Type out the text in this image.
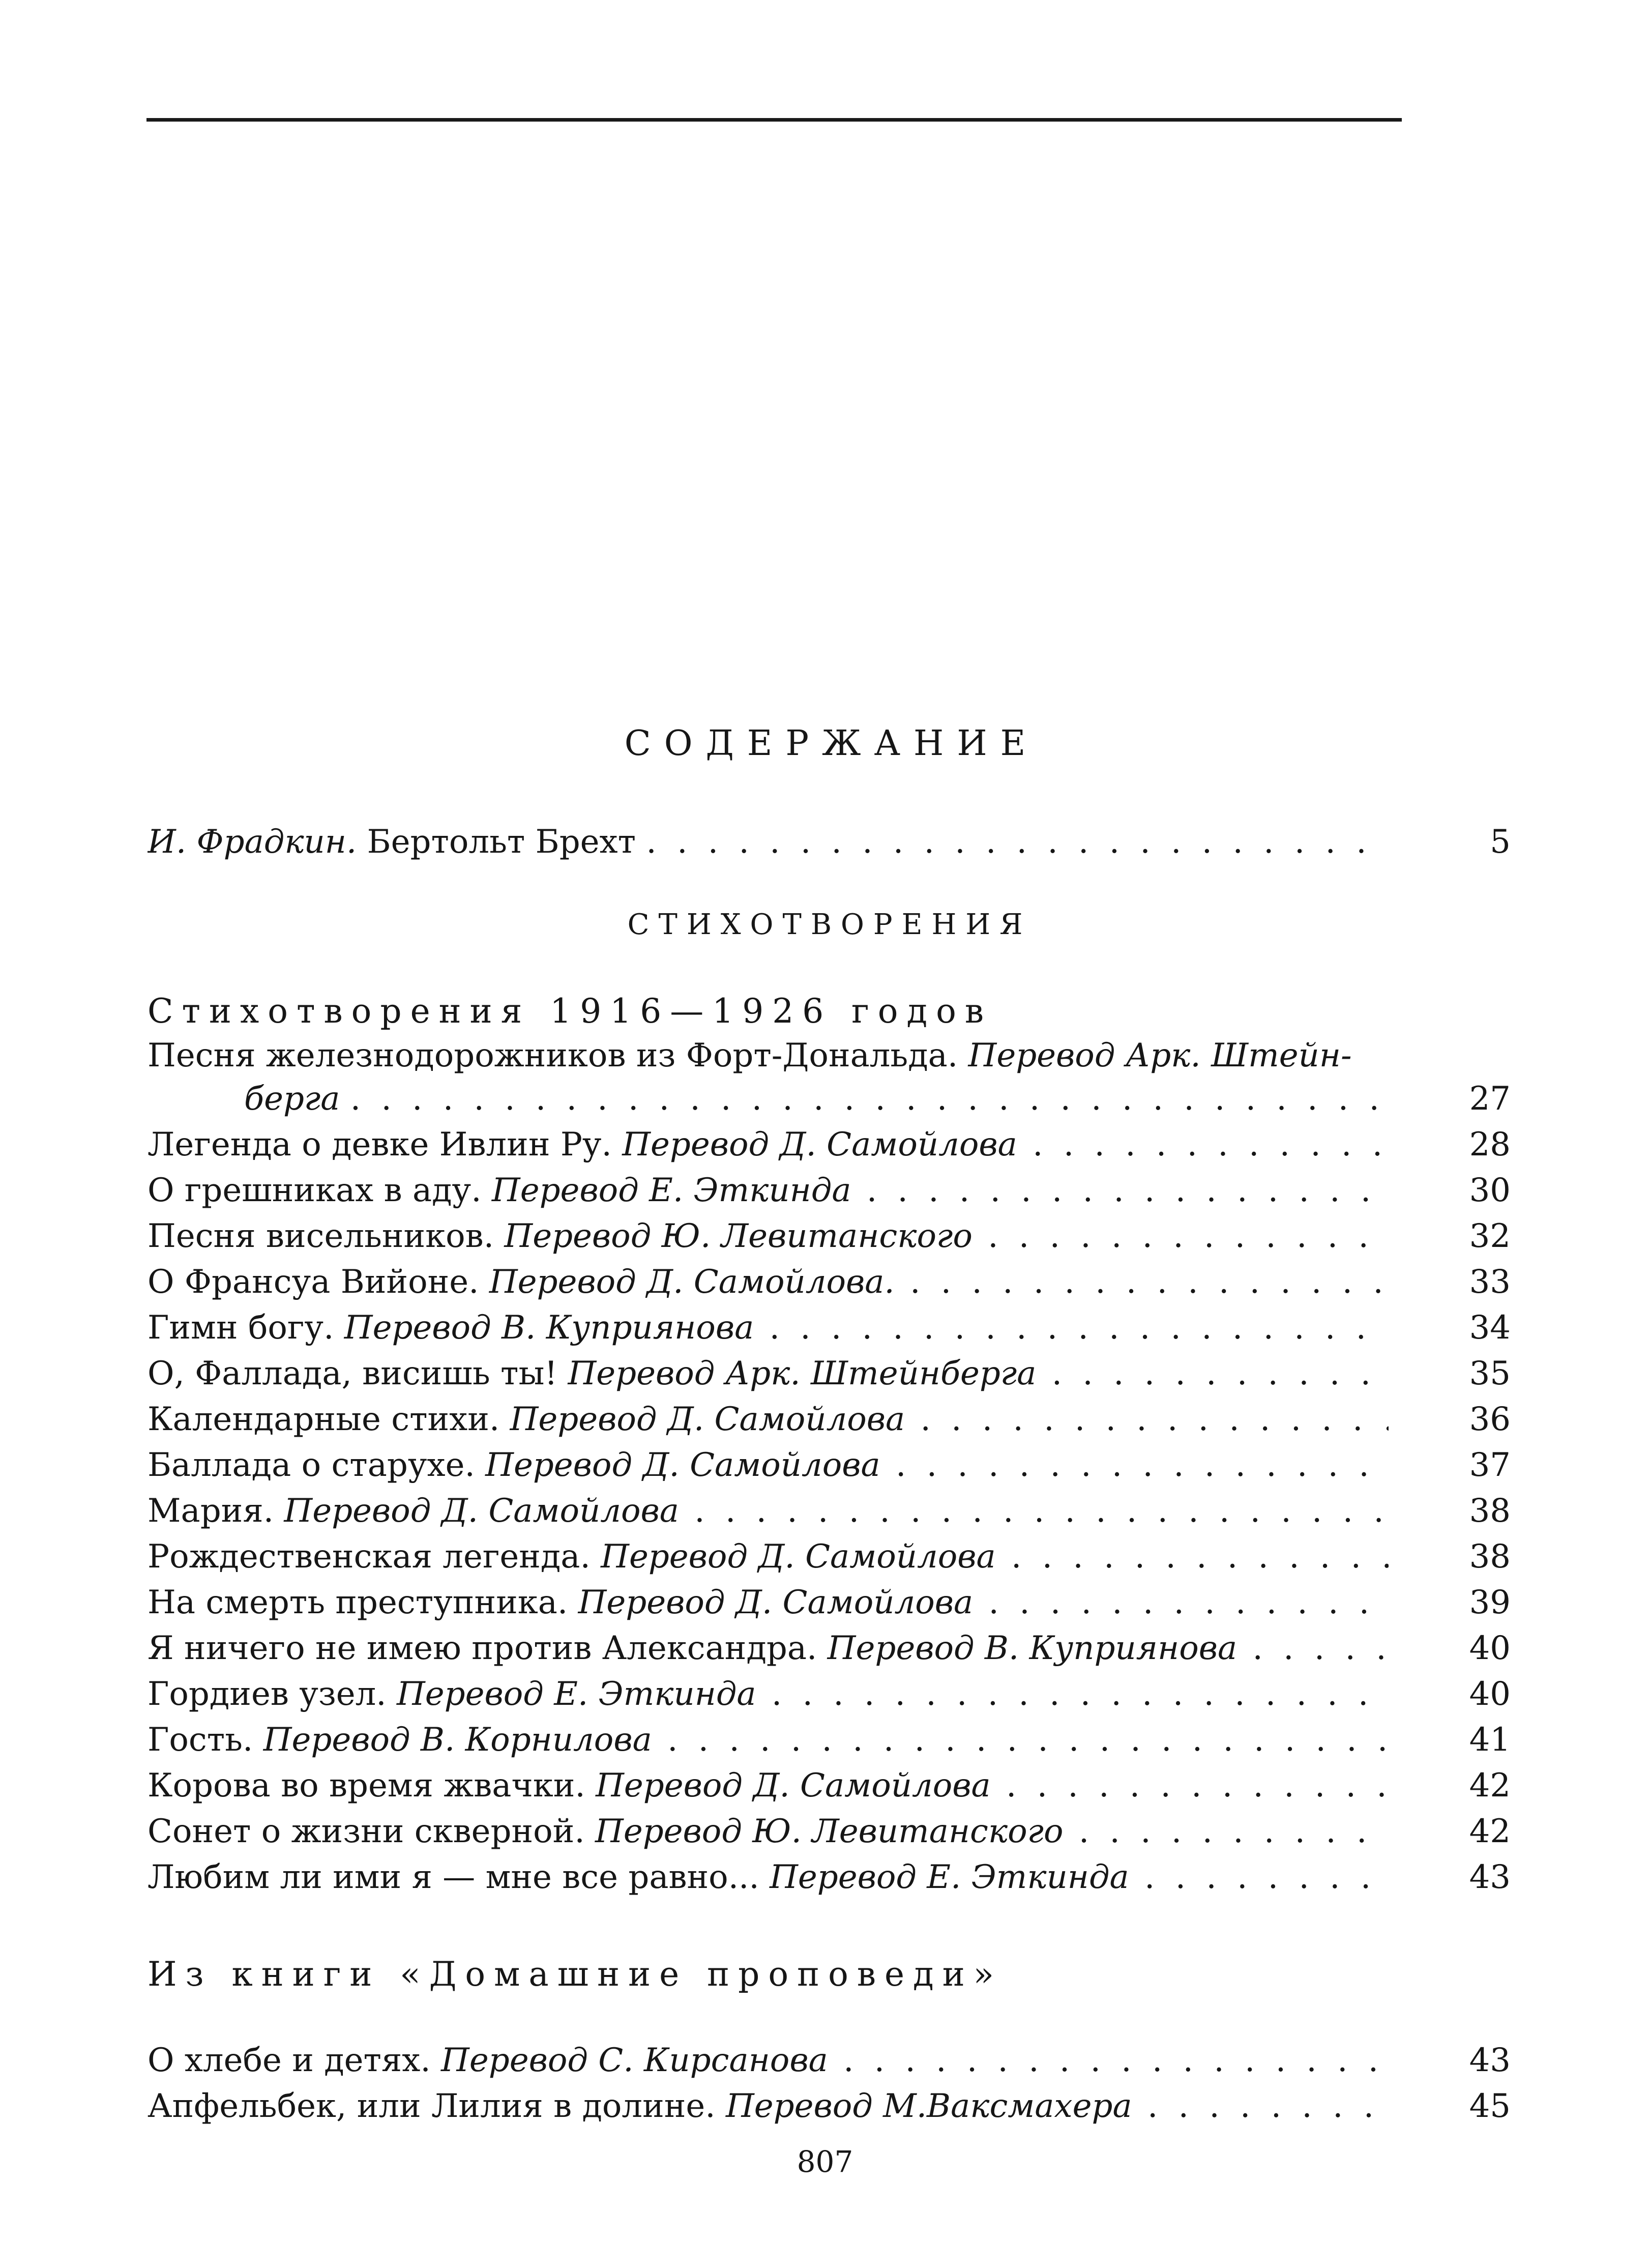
СОДЕРЖАНИЕ
И. Фрадкин. Бертольт Брехт . . .	5
СТИХОТВОРЕНИЯ
Стихотворения 1916—1926 годов
Песня железнодорожников из Форт-Дональда. Перевод Арк. Штейн-
берга . . .	27
Легенда о девке Ивлин Ру. Перевод Д. Самойлова . . .	28
О грешниках в аду. Перевод Е. Эткинда . . .	30
Песня висельников. Перевод Ю. Левитанского . . .	32
О Франсуа Вийоне. Перевод Д. Самойлова. . . .	33
Гимн богу. Перевод В. Куприянова . . .	34
О, Фаллада, висишь ты! Перевод Арк. Штейнберга . . .	35
Календарные стихи. Перевод Д. Самойлова . . .	36
Баллада о старухе. Перевод Д. Самойлова . . .	37
Мария. Перевод Д. Самойлова . . .	38
Рождественская легенда. Перевод Д. Самойлова . . .	38
На смерть преступника. Перевод Д. Самойлова . . .	39
Я ничего не имею против Александра. Перевод В. Куприянова . . .	40
Гордиев узел. Перевод Е. Эткинда . . .	40
Гость. Перевод В. Корнилова . . .	41
Корова во время жвачки. Перевод Д. Самойлова . . .	42
Сонет о жизни скверной. Перевод Ю. Левитанского . . .	42
Любим ли ими я — мне все равно... Перевод Е. Эткинда . . .	43
Из книги «Домашние проповеди»
О хлебе и детях. Перевод С. Кирсанова . . .	43
Апфельбек, или Лилия в долине. Перевод М.Ваксмахера . . .	45
807
